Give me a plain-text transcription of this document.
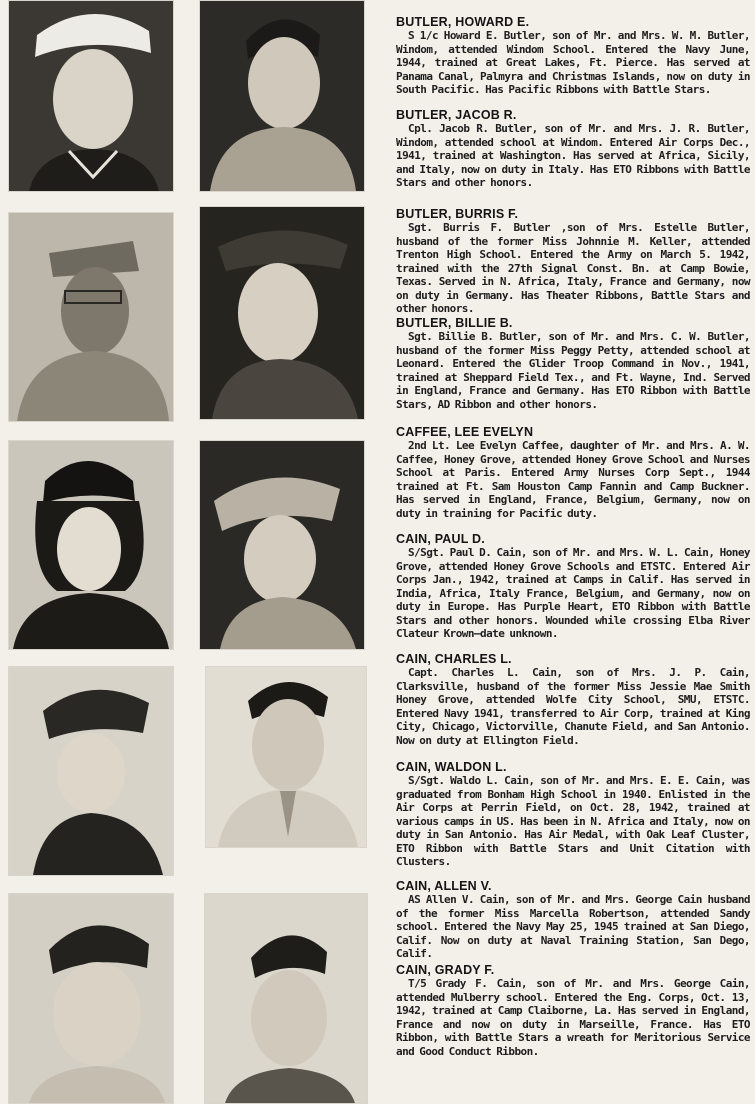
BUTLER, HOWARD E.
S 1/c Howard E. Butler, son of Mr. and Mrs. W. M. Butler, Windom, attended Windom School. Entered the Navy June, 1944, trained at Great Lakes, Ft. Pierce. Has served at Panama Canal, Palmyra and Christmas Islands, now on duty in South Pacific. Has Pacific Ribbons with Battle Stars.
BUTLER, JACOB R.
Cpl. Jacob R. Butler, son of Mr. and Mrs. J. R. Butler, Windom, attended school at Windom. Entered Air Corps Dec., 1941, trained at Washington. Has served at Africa, Sicily, and Italy, now on duty in Italy. Has ETO Ribbons with Battle Stars and other honors.
BUTLER, BURRIS F.
Sgt. Burris F. Butler ,son of Mrs. Estelle Butler, husband of the former Miss Johnnie M. Keller, attended Trenton High School. Entered the Army on March 5. 1942, trained with the 27th Signal Const. Bn. at Camp Bowie, Texas. Served in N. Africa, Italy, France and Germany, now on duty in Germany. Has Theater Ribbons, Battle Stars and other honors.
BUTLER, BILLIE B.
Sgt. Billie B. Butler, son of Mr. and Mrs. C. W. Butler, husband of the former Miss Peggy Petty, attended school at Leonard. Entered the Glider Troop Command in Nov., 1941, trained at Sheppard Field Tex., and Ft. Wayne, Ind. Served in England, France and Germany. Has ETO Ribbon with Battle Stars, AD Ribbon and other honors.
CAFFEE, LEE EVELYN
2nd Lt. Lee Evelyn Caffee, daughter of Mr. and Mrs. A. W. Caffee, Honey Grove, attended Honey Grove School and Nurses School at Paris. Entered Army Nurses Corp Sept., 1944 trained at Ft. Sam Houston Camp Fannin and Camp Buckner. Has served in England, France, Belgium, Germany, now on duty in training for Pacific duty.
CAIN, PAUL D.
S/Sgt. Paul D. Cain, son of Mr. and Mrs. W. L. Cain, Honey Grove, attended Honey Grove Schools and ETSTC. Entered Air Corps Jan., 1942, trained at Camps in Calif. Has served in India, Africa, Italy France, Belgium, and Germany, now on duty in Europe. Has Purple Heart, ETO Ribbon with Battle Stars and other honors. Wounded while crossing Elba River Clateur Krown—date unknown.
CAIN, CHARLES L.
Capt. Charles L. Cain, son of Mrs. J. P. Cain, Clarksville, husband of the former Miss Jessie Mae Smith Honey Grove, attended Wolfe City School, SMU, ETSTC. Entered Navy 1941, transferred to Air Corp, trained at King City, Chicago, Victorville, Chanute Field, and San Antonio. Now on duty at Ellington Field.
CAIN, WALDON L.
S/Sgt. Waldo L. Cain, son of Mr. and Mrs. E. E. Cain, was graduated from Bonham High School in 1940. Enlisted in the Air Corps at Perrin Field, on Oct. 28, 1942, trained at various camps in US. Has been in N. Africa and Italy, now on duty in San Antonio. Has Air Medal, with Oak Leaf Cluster, ETO Ribbon with Battle Stars and Unit Citation with Clusters.
CAIN, ALLEN V.
AS Allen V. Cain, son of Mr. and Mrs. George Cain husband of the former Miss Marcella Robertson, attended Sandy school. Entered the Navy May 25, 1945 trained at San Diego, Calif. Now on duty at Naval Training Station, San Dego, Calif.
CAIN, GRADY F.
T/5 Grady F. Cain, son of Mr. and Mrs. George Cain, attended Mulberry school. Entered the Eng. Corps, Oct. 13, 1942, trained at Camp Claiborne, La. Has served in England, France and now on duty in Marseille, France. Has ETO Ribbon, with Battle Stars a wreath for Meritorious Service and Good Conduct Ribbon.
